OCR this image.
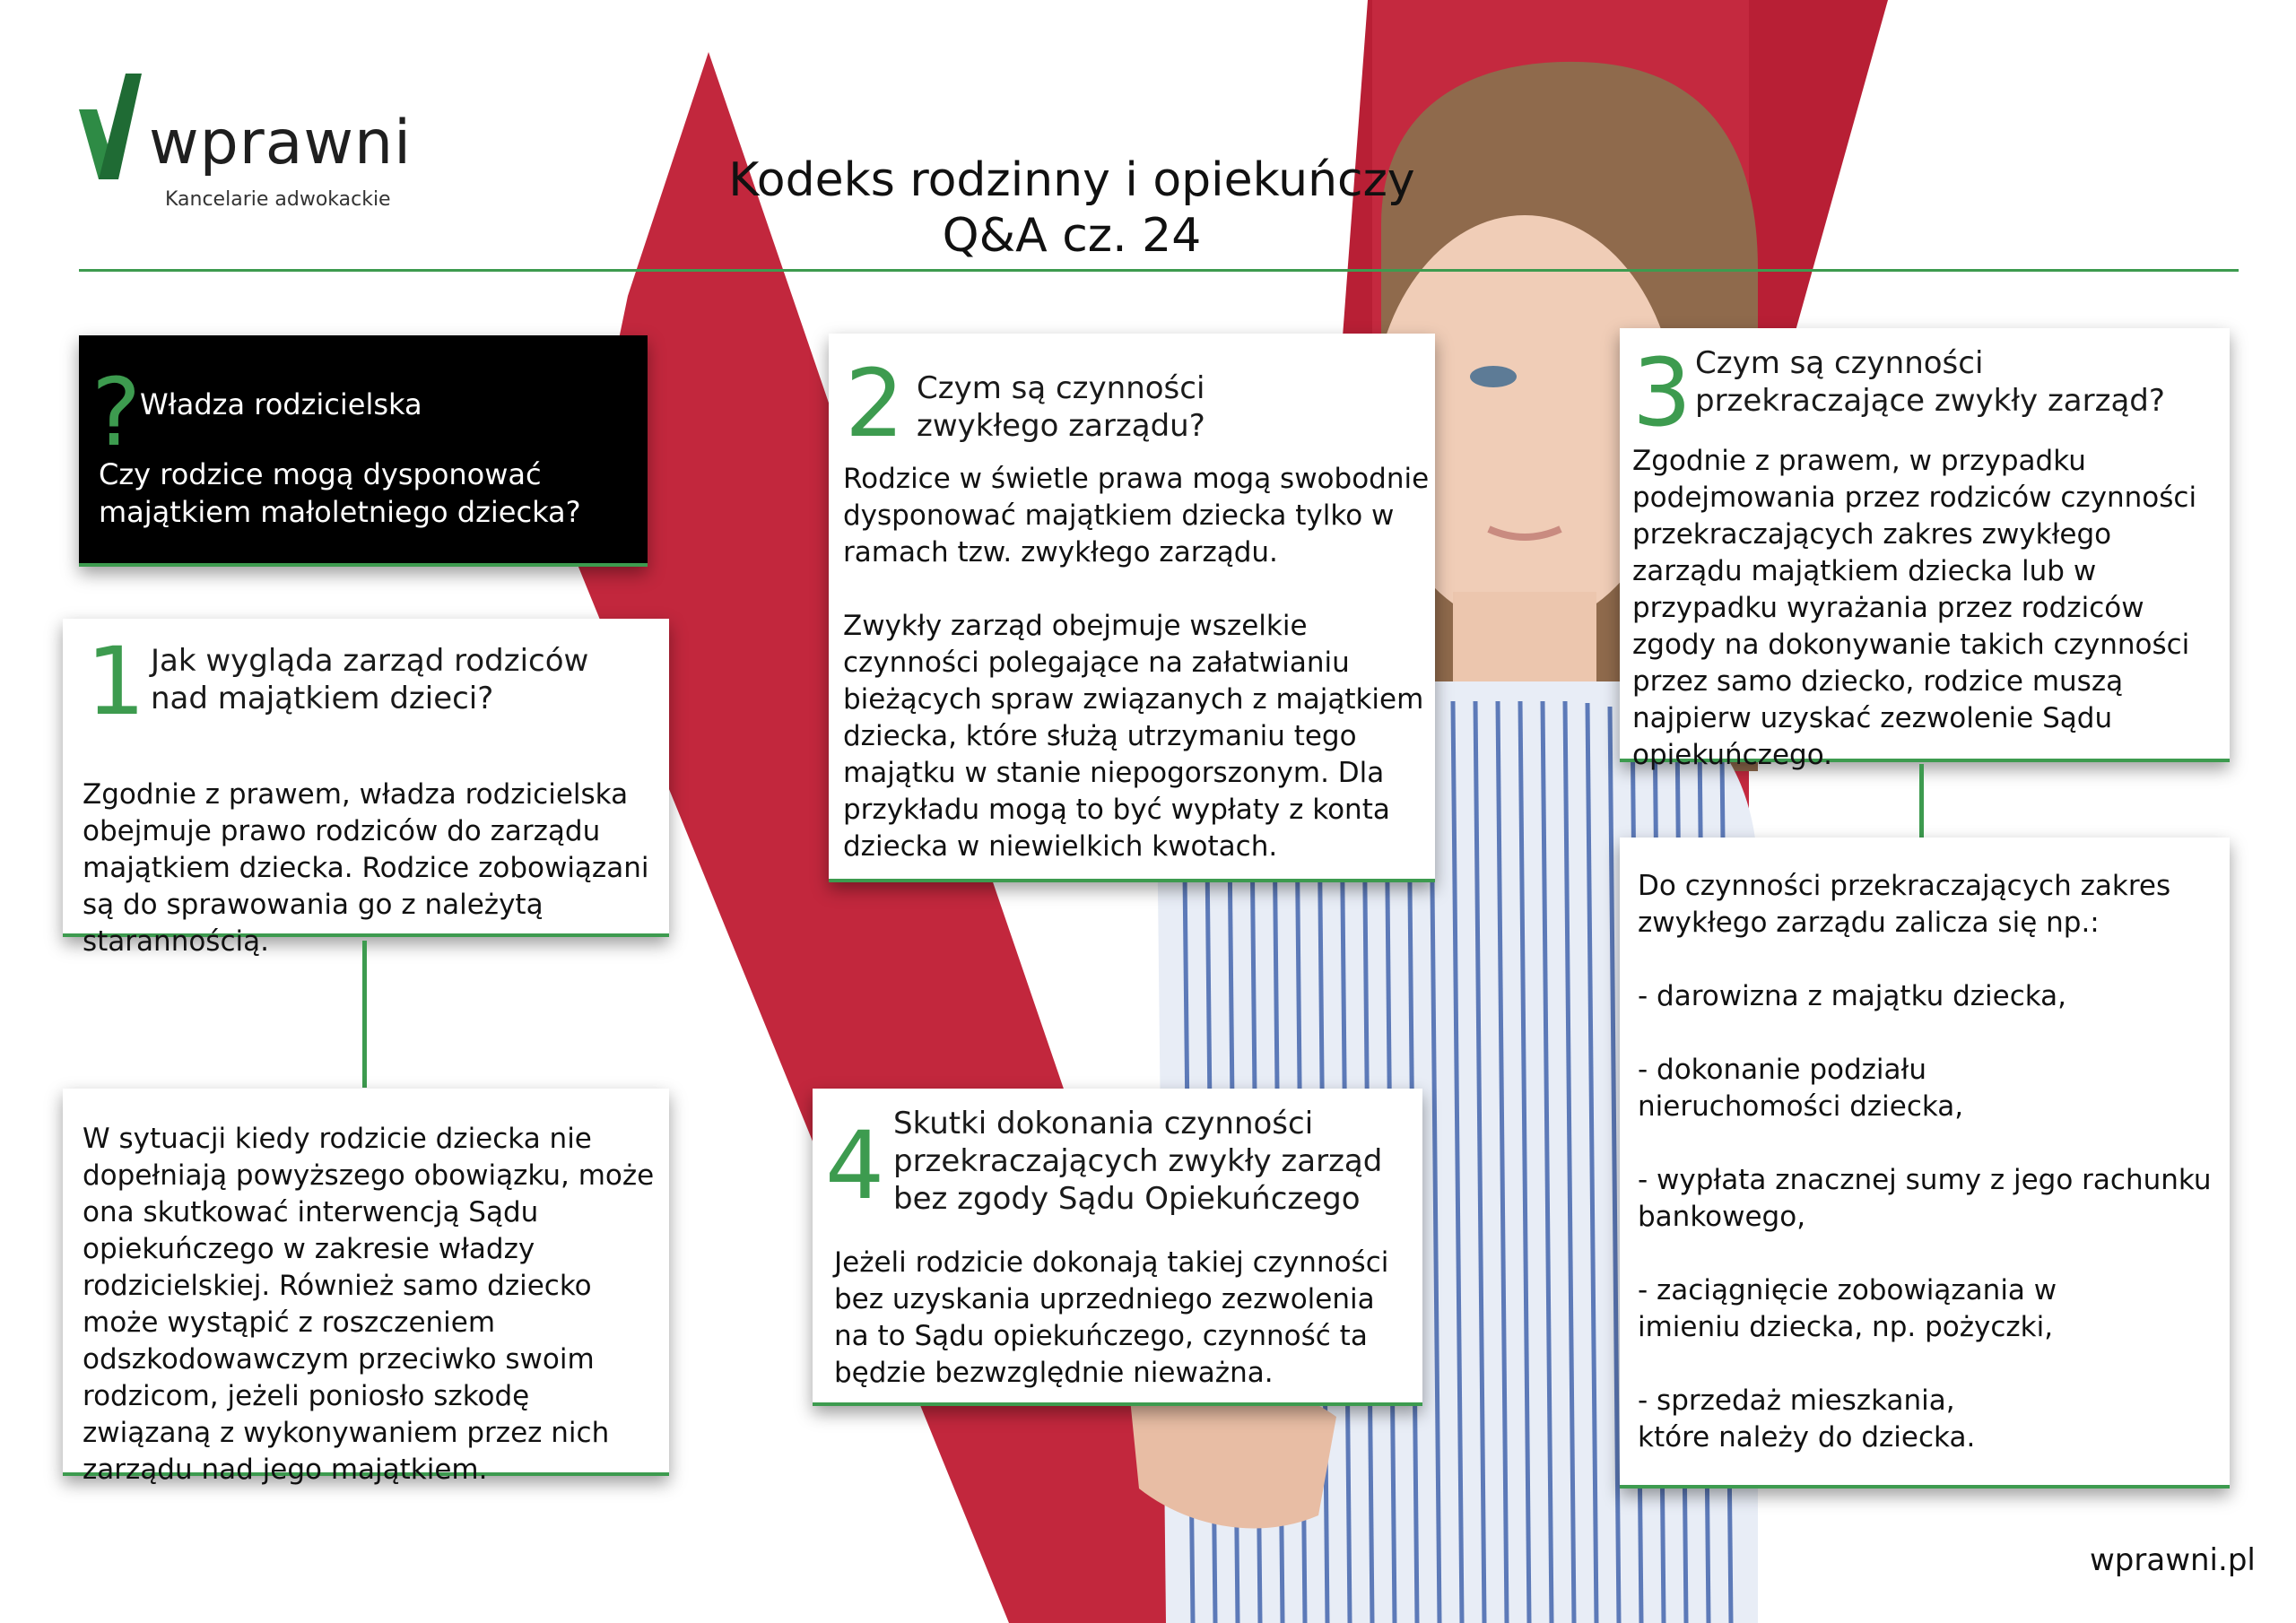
wprawni
Kancelarie adwokackie	Kodeks rodzinny i opiekuńczy
Q&A cz. 24
?
Władza rodzicielska
Czy rodzice mogą dysponować majątkiem małoletniego dziecka?
1 Jak wygląda zarząd rodziców nad majątkiem dzieci?
Zgodnie z prawem, władza rodzicielska obejmuje prawo rodziców do zarządu majątkiem dziecka. Rodzice zobowiązani są do sprawowania go z należytą starannością.
W sytuacji kiedy rodzicie dziecka nie dopełniają powyższego obowiązku, może ona skutkować interwencją Sądu opiekuńczego w zakresie władzy rodzicielskiej. Również samo dziecko może wystąpić z roszczeniem odszkodowawczym przeciwko swoim rodzicom, jeżeli poniosło szkodę związaną z wykonywaniem przez nich zarządu nad jego majątkiem.
2 Czym są czynności zwykłego zarządu?
Rodzice w świetle prawa mogą swobodnie dysponować majątkiem dziecka tylko w ramach tzw. zwykłego zarządu.

Zwykły zarząd obejmuje wszelkie czynności polegające na załatwianiu bieżących spraw związanych z majątkiem dziecka, które służą utrzymaniu tego majątku w stanie niepogorszonym. Dla przykładu mogą to być wypłaty z konta dziecka w niewielkich kwotach.
4 Skutki dokonania czynności przekraczających zwykły zarząd bez zgody Sądu Opiekuńczego
Jeżeli rodzicie dokonają takiej czynności bez uzyskania uprzedniego zezwolenia na to Sądu opiekuńczego, czynność ta będzie bezwzględnie nieważna.
3 Czym są czynności przekraczające zwykły zarząd?
Zgodnie z prawem, w przypadku podejmowania przez rodziców czynności przekraczających zakres zwykłego zarządu majątkiem dziecka lub w przypadku wyrażania przez rodziców zgody na dokonywanie takich czynności przez samo dziecko, rodzice muszą najpierw uzyskać zezwolenie Sądu opiekuńczego.
Do czynności przekraczających zakres zwykłego zarządu zalicza się np.:

- darowizna z majątku dziecka,

- dokonanie podziału
nieruchomości dziecka,

- wypłata znacznej sumy z jego rachunku
bankowego,

- zaciągnięcie zobowiązania w
imieniu dziecka, np. pożyczki,

- sprzedaż mieszkania,
które należy do dziecka.
wprawni.pl
